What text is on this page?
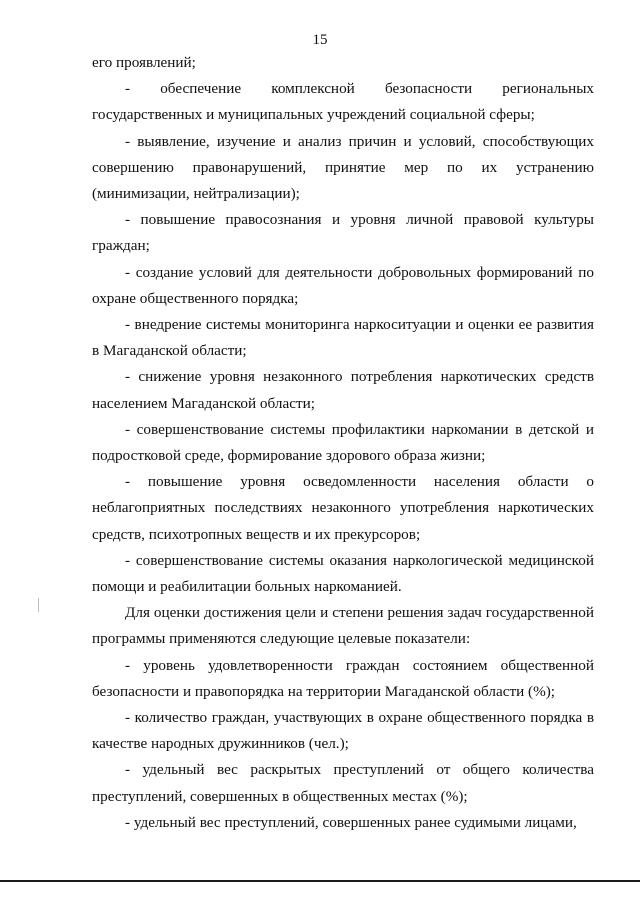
15

его проявлений;

- обеспечение комплексной безопасности региональных государственных и муниципальных учреждений социальной сферы;

- выявление, изучение и анализ причин и условий, способствующих совершению правонарушений, принятие мер по их устранению (минимизации, нейтрализации);

- повышение правосознания и уровня личной правовой культуры граждан;

- создание условий для деятельности добровольных формирований по охране общественного порядка;

- внедрение системы мониторинга наркоситуации и оценки ее развития в Магаданской области;

- снижение уровня незаконного потребления наркотических средств населением Магаданской области;

- совершенствование системы профилактики наркомании в детской и подростковой среде, формирование здорового образа жизни;

- повышение уровня осведомленности населения области о неблагоприятных последствиях незаконного употребления наркотических средств, психотропных веществ и их прекурсоров;

- совершенствование системы оказания наркологической медицинской помощи и реабилитации больных наркоманией.

Для оценки достижения цели и степени решения задач государственной программы применяются следующие целевые показатели:

- уровень удовлетворенности граждан состоянием общественной безопасности и правопорядка на территории Магаданской области (%);

- количество граждан, участвующих в охране общественного порядка в качестве народных дружинников (чел.);

- удельный вес раскрытых преступлений от общего количества преступлений, совершенных в общественных местах (%);

- удельный вес преступлений, совершенных ранее судимыми лицами,
